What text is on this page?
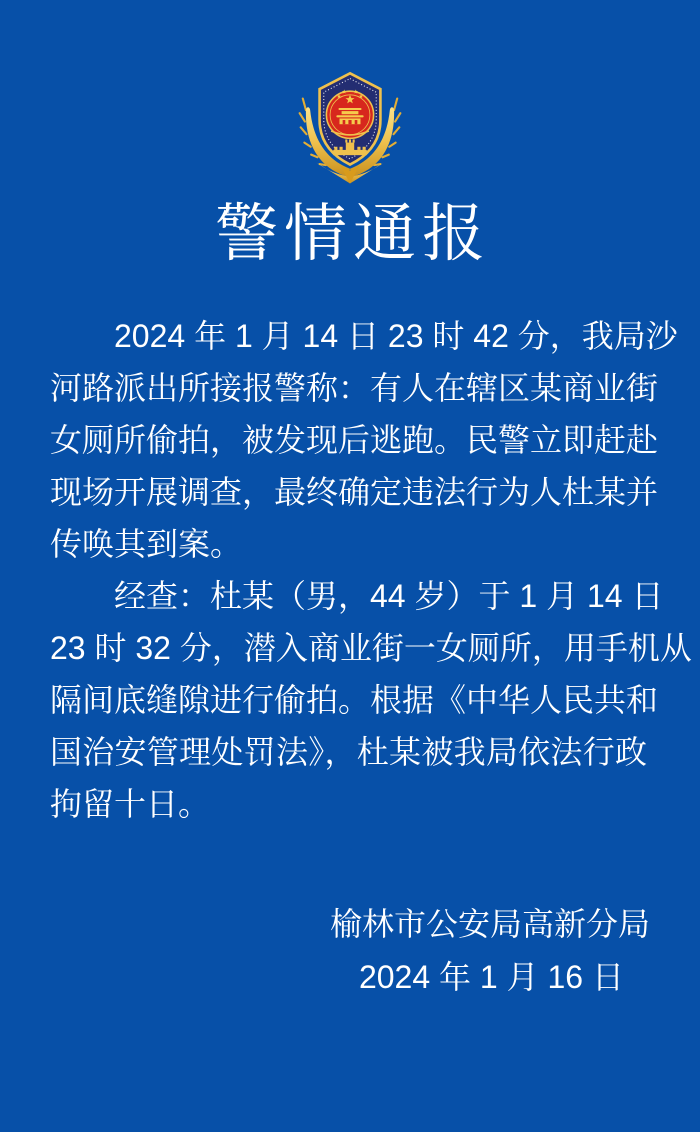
警情通报
2024 年 1 月 14 日 23 时 42 分，我局沙
河路派出所接报警称：有人在辖区某商业街
女厕所偷拍，被发现后逃跑。民警立即赶赴
现场开展调查，最终确定违法行为人杜某并
传唤其到案。
经查：杜某（男，44 岁）于 1 月 14 日
23 时 32 分，潜入商业街一女厕所，用手机从
隔间底缝隙进行偷拍。根据《中华人民共和
国治安管理处罚法》，杜某被我局依法行政
拘留十日。
榆林市公安局高新分局
2024 年 1 月 16 日
